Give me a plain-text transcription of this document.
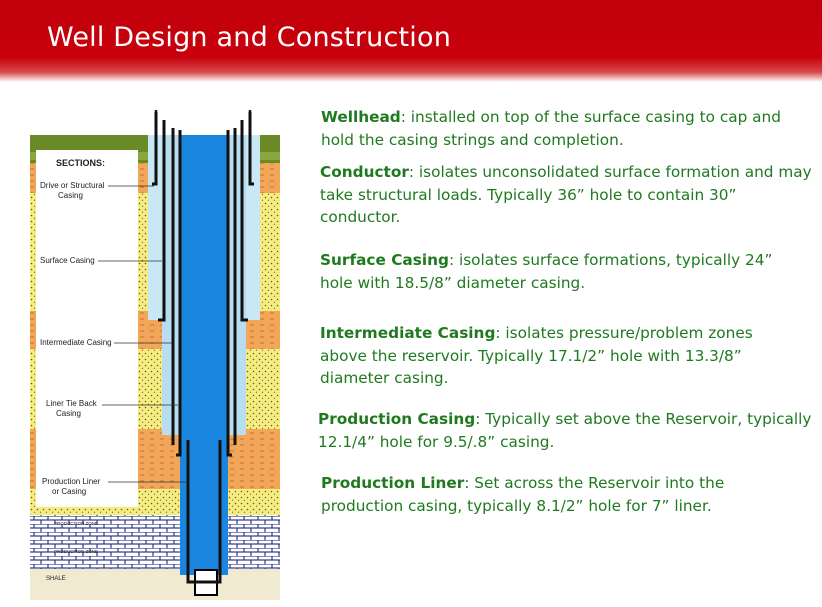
Well Design and Construction
SECTIONS:
Drive or Structural
Casing
Surface Casing
Intermediate Casing
Liner Tie Back
Casing
Production Liner
or Casing
PRODUCTION ZONE
PRODUCTION ZONE
SHALE
Wellhead: installed on top of the surface casing to cap and
hold the casing strings and completion.
Conductor: isolates unconsolidated surface formation and may
take structural loads. Typically 36” hole to contain 30”
conductor.
Surface Casing: isolates surface formations, typically 24”
hole with 18.5/8” diameter casing.
Intermediate Casing: isolates pressure/problem zones
above the reservoir. Typically 17.1/2” hole with 13.3/8”
diameter casing.
Production Casing: Typically set above the Reservoir, typically
12.1/4” hole for 9.5/.8” casing.
Production Liner: Set across the Reservoir into the
production casing, typically 8.1/2” hole for 7” liner.
